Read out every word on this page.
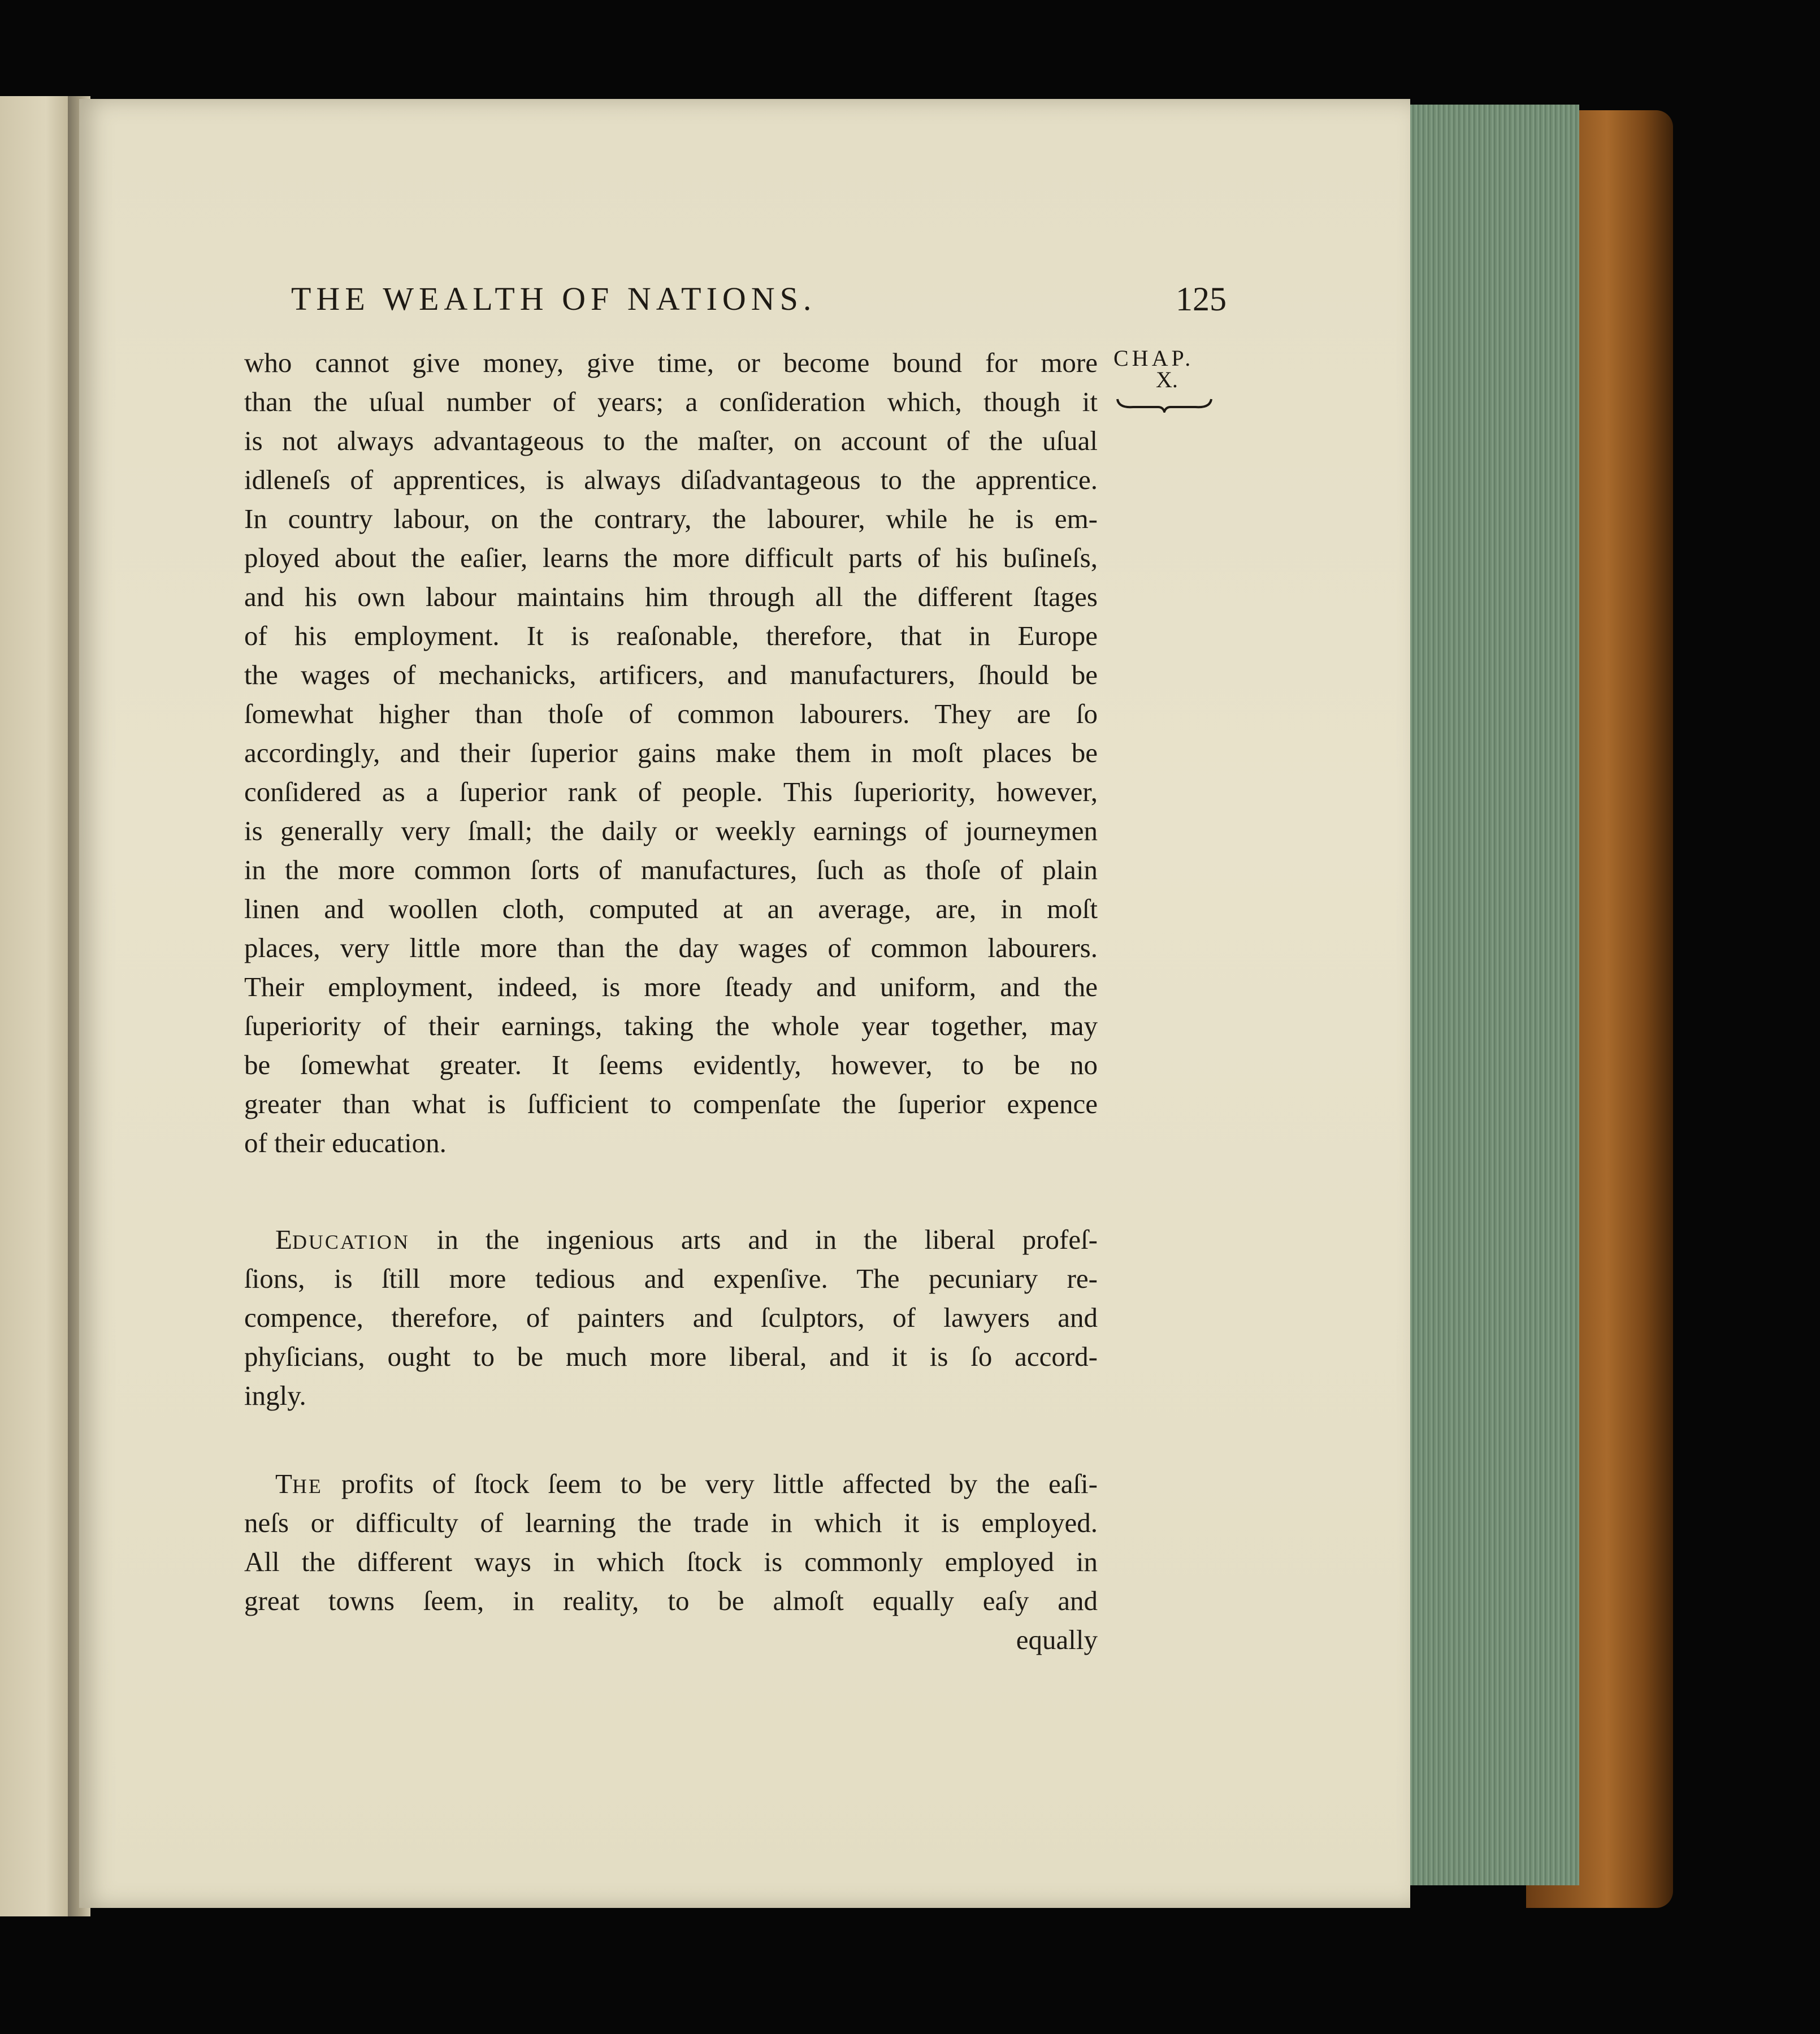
THE WEALTH OF NATIONS.	125
CHAP.
X.
who cannot give money, give time, or become bound for more
than the uſual number of years; a conſideration which, though it
is not always advantageous to the maſter, on account of the uſual
idleneſs of apprentices, is always diſadvantageous to the apprentice.
In country labour, on the contrary, the labourer, while he is em-
ployed about the eaſier, learns the more difficult parts of his buſineſs,
and his own labour maintains him through all the different ſtages
of his employment. It is reaſonable, therefore, that in Europe
the wages of mechanicks, artificers, and manufacturers, ſhould be
ſomewhat higher than thoſe of common labourers. They are ſo
accordingly, and their ſuperior gains make them in moſt places be
conſidered as a ſuperior rank of people. This ſuperiority, however,
is generally very ſmall; the daily or weekly earnings of journeymen
in the more common ſorts of manufactures, ſuch as thoſe of plain
linen and woollen cloth, computed at an average, are, in moſt
places, very little more than the day wages of common labourers.
Their employment, indeed, is more ſteady and uniform, and the
ſuperiority of their earnings, taking the whole year together, may
be ſomewhat greater. It ſeems evidently, however, to be no
greater than what is ſufficient to compenſate the ſuperior expence
of their education.
EDUCATION in the ingenious arts and in the liberal profeſ-
ſions, is ſtill more tedious and expenſive. The pecuniary re-
compence, therefore, of painters and ſculptors, of lawyers and
phyſicians, ought to be much more liberal, and it is ſo accord-
ingly.
THE profits of ſtock ſeem to be very little affected by the eaſi-
neſs or difficulty of learning the trade in which it is employed.
All the different ways in which ſtock is commonly employed in
great towns ſeem, in reality, to be almoſt equally eaſy and
equally
